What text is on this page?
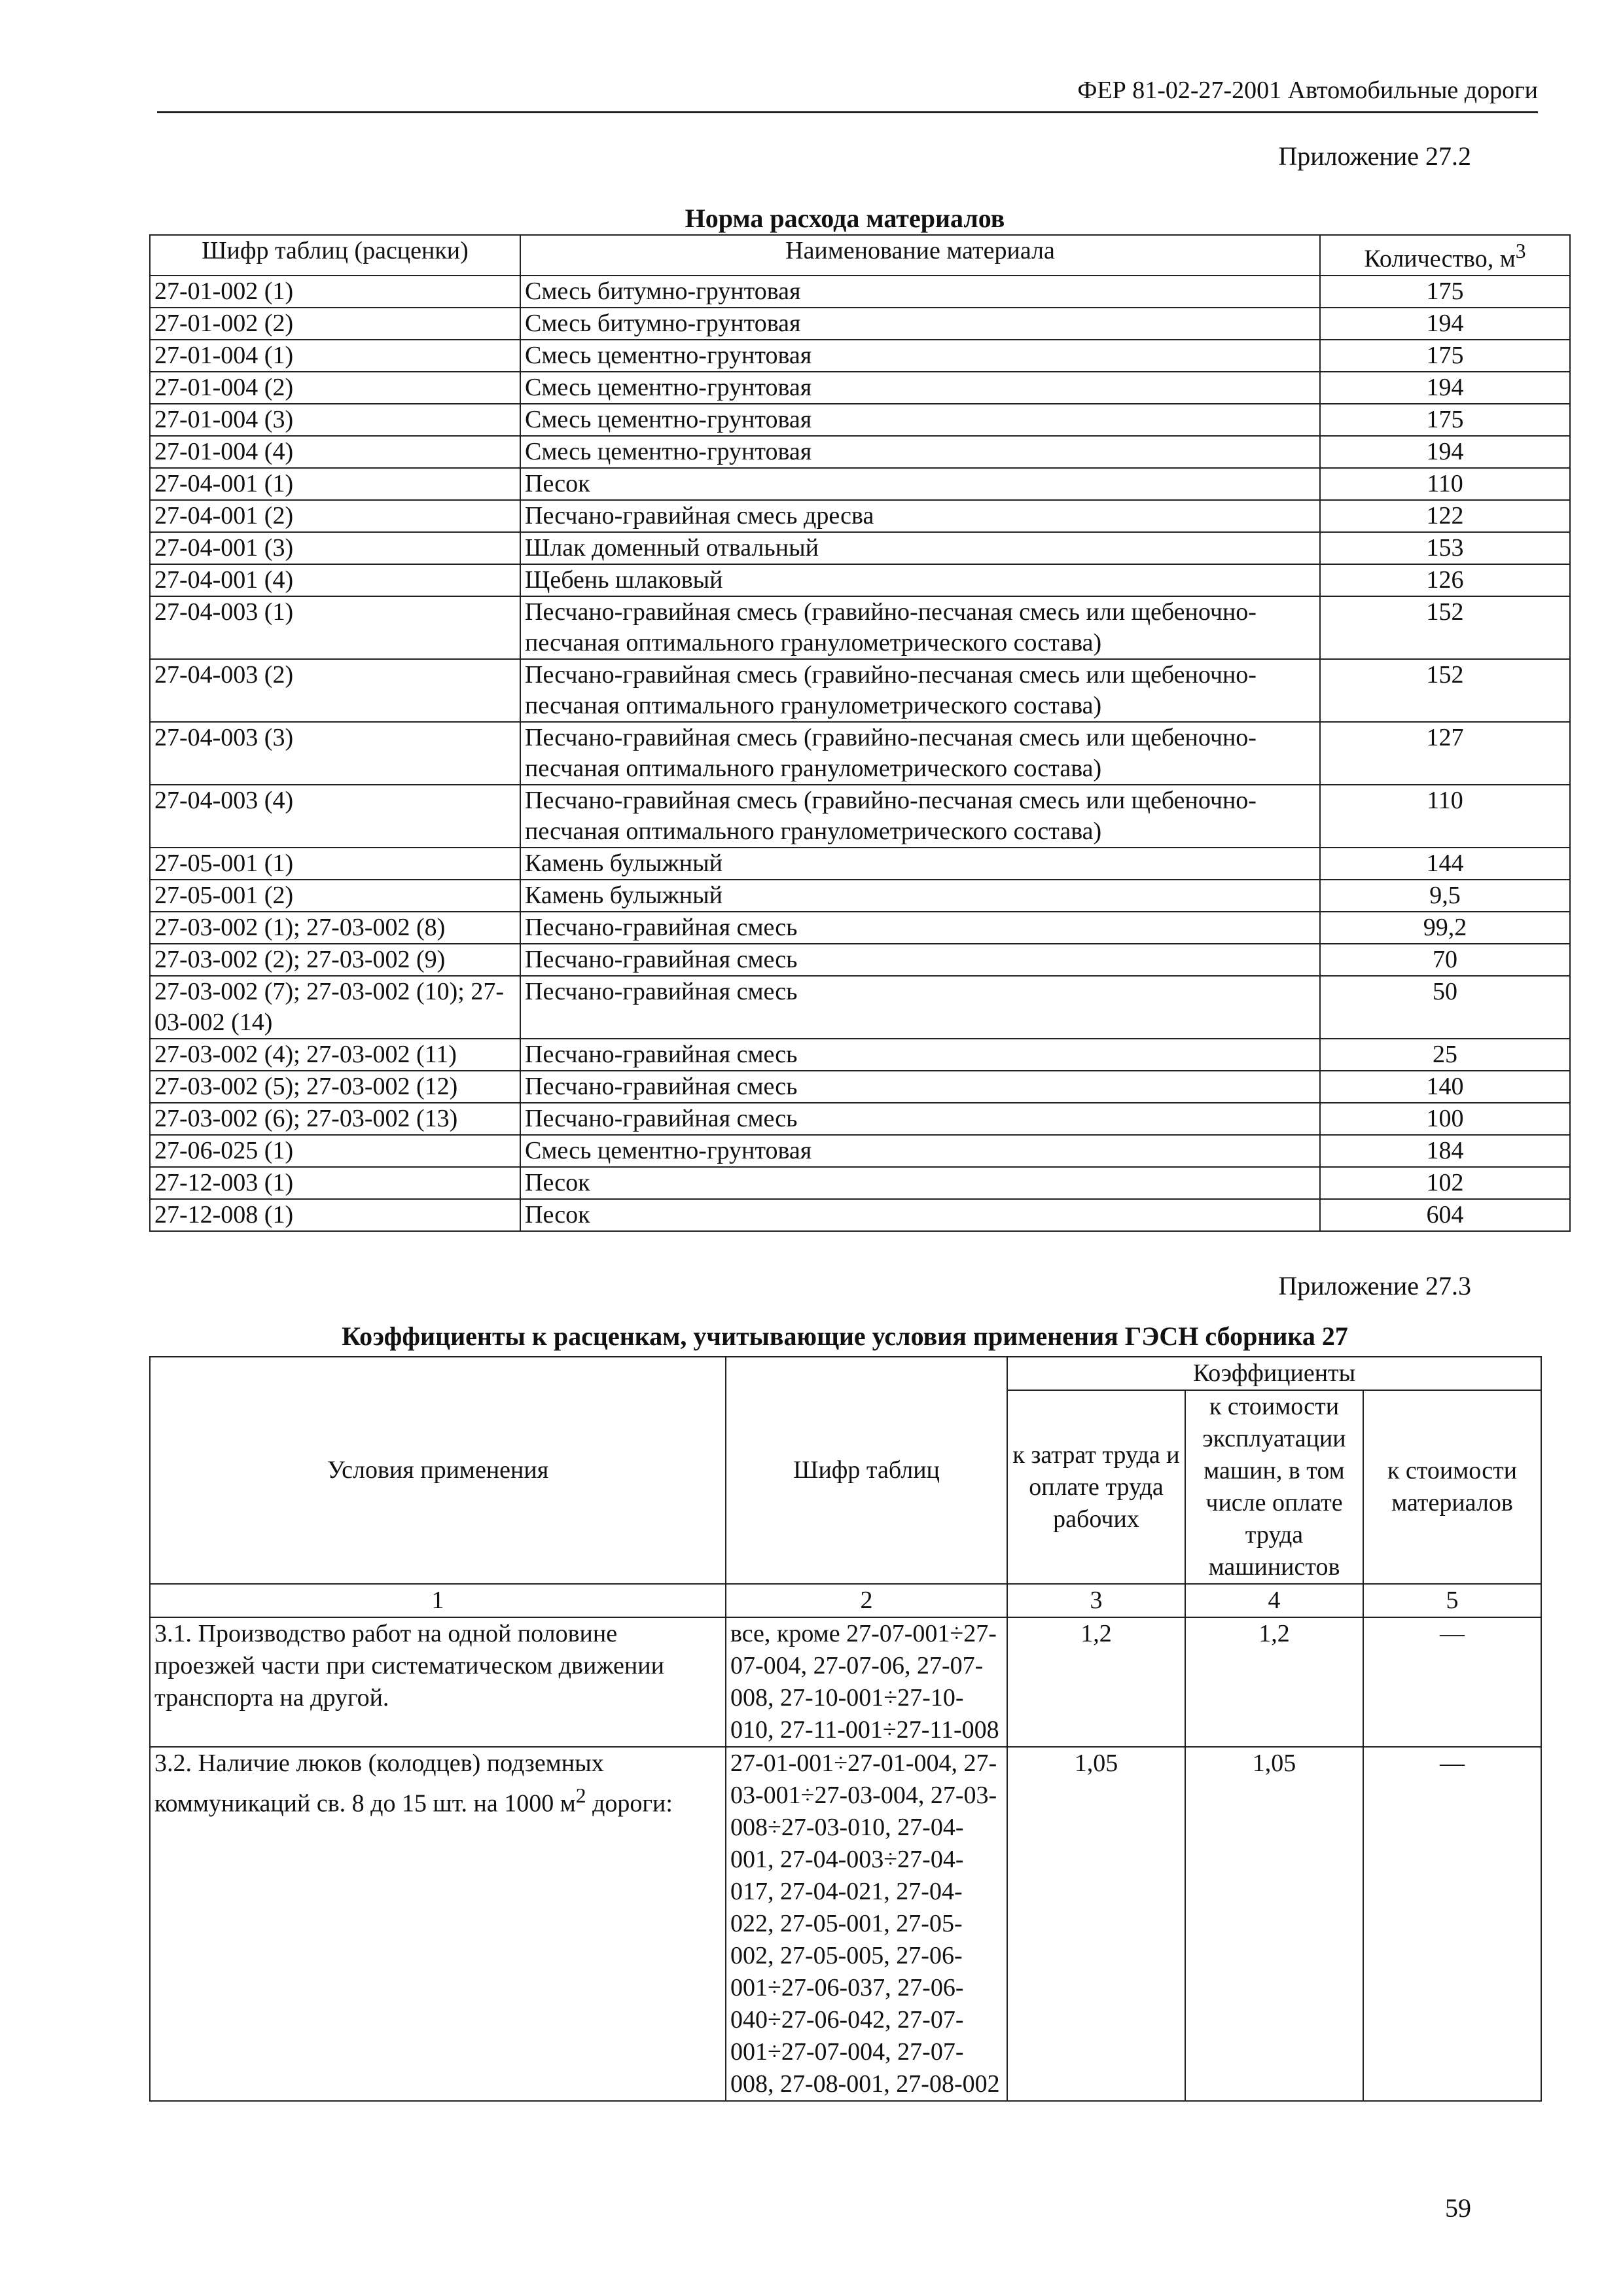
ФЕР 81-02-27-2001 Автомобильные дороги
Приложение 27.2
Норма расхода материалов
Шифр таблиц (расценки)	Наименование материала	Количество, $м^3$
27-01-002 (1)	Смесь битумно-грунтовая	175
27-01-002 (2)	Смесь битумно-грунтовая	194
27-01-004 (1)	Смесь цементно-грунтовая	175
27-01-004 (2)	Смесь цементно-грунтовая	194
27-01-004 (3)	Смесь цементно-грунтовая	175
27-01-004 (4)	Смесь цементно-грунтовая	194
27-04-001 (1)	Песок	110
27-04-001 (2)	Песчано-гравийная смесь дресва	122
27-04-001 (3)	Шлак доменный отвальный	153
27-04-001 (4)	Щебень шлаковый	126
27-04-003 (1)	Песчано-гравийная смесь (гравийно-песчаная смесь или щебеночно-песчаная оптимального гранулометрического состава)	152
27-04-003 (2)	Песчано-гравийная смесь (гравийно-песчаная смесь или щебеночно-песчаная оптимального гранулометрического состава)	152
27-04-003 (3)	Песчано-гравийная смесь (гравийно-песчаная смесь или щебеночно-песчаная оптимального гранулометрического состава)	127
27-04-003 (4)	Песчано-гравийная смесь (гравийно-песчаная смесь или щебеночно-песчаная оптимального гранулометрического состава)	110
27-05-001 (1)	Камень булыжный	144
27-05-001 (2)	Камень булыжный	9,5
27-03-002 (1); 27-03-002 (8)	Песчано-гравийная смесь	99,2
27-03-002 (2); 27-03-002 (9)	Песчано-гравийная смесь	70
27-03-002 (7); 27-03-002 (10); 27-03-002 (14)	Песчано-гравийная смесь	50
27-03-002 (4); 27-03-002 (11)	Песчано-гравийная смесь	25
27-03-002 (5); 27-03-002 (12)	Песчано-гравийная смесь	140
27-03-002 (6); 27-03-002 (13)	Песчано-гравийная смесь	100
27-06-025 (1)	Смесь цементно-грунтовая	184
27-12-003 (1)	Песок	102
27-12-008 (1)	Песок	604
Приложение 27.3
Коэффициенты к расценкам, учитывающие условия применения ГЭСН сборника 27
Условия применения	Шифр таблиц	Коэффициенты		
		к затрат труда и оплате труда рабочих	к стоимости эксплуатации машин, в том числе оплате труда машинистов	к стоимости материалов
1	2	3	4	5
3.1. Производство работ на одной половине проезжей части при систематическом движении транспорта на другой.	все, кроме 27-07-001÷27-07-004, 27-07-06, 27-07-008, 27-10-001÷27-10-010, 27-11-001÷27-11-008	1,2	1,2	—
3.2. Наличие люков (колодцев) подземных коммуникаций св. 8 до 15 шт. на 1000 $м^2$ дороги:	27-01-001÷27-01-004, 27-03-001÷27-03-004, 27-03-008÷27-03-010, 27-04-001, 27-04-003÷27-04-017, 27-04-021, 27-04-022, 27-05-001, 27-05-002, 27-05-005, 27-06-001÷27-06-037, 27-06-040÷27-06-042, 27-07-001÷27-07-004, 27-07-008, 27-08-001, 27-08-002	1,05	1,05	—
59
